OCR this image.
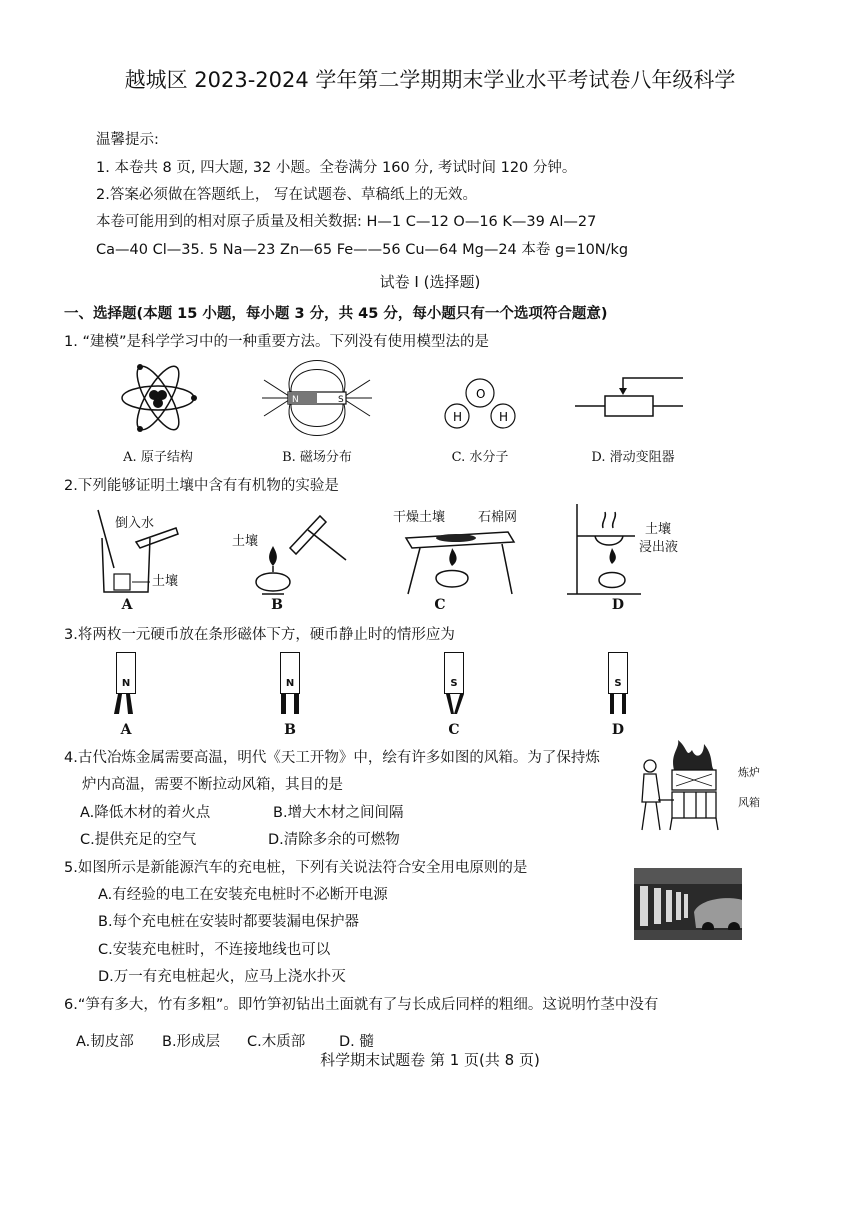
越城区 2023-2024 学年第二学期期末学业水平考试卷八年级科学
温馨提示:
1. 本卷共 8 页, 四大题, 32 小题。全卷满分 160 分, 考试时间 120 分钟。
2.答案必须做在答题纸上， 写在试题卷、草稿纸上的无效。
本卷可能用到的相对原子质量及相关数据: H—1 C—12 O—16 K—39 Al—27
Ca—40 Cl—35. 5 Na—23 Zn—65 Fe——56 Cu—64 Mg—24 本卷 g=10N/kg
试卷 Ⅰ (选择题)
一、选择题(本题 15 小题，每小题 3 分，共 45 分，每小题只有一个选项符合题意)
1. “建模”是科学学习中的一种重要方法。下列没有使用模型法的是
A. 原子结构
N	S
B. 磁场分布
O
H	H
C. 水分子	D. 滑动变阻器
2.下列能够证明土壤中含有有机物的实验是
倒入水
土壤
A
土壤
B
干燥土壤	石棉网
C
土壤
浸出液
D
3.将两枚一元硬币放在条形磁体下方，硬币静止时的情形应为
N
A
N
B
S
C
S
D
4.古代冶炼金属需要高温，明代《天工开物》中，绘有许多如图的风箱。为了保持炼
炉内高温，需要不断拉动风箱，其目的是
A.降低木材的着火点	B.增大木材之间间隔
C.提供充足的空气	D.清除多余的可燃物
炼炉
风箱
5.如图所示是新能源汽车的充电桩，下列有关说法符合安全用电原则的是
A.有经验的电工在安装充电桩时不必断开电源
B.每个充电桩在安装时都要装漏电保护器
C.安装充电桩时，不连接地线也可以
D.万一有充电桩起火，应马上浇水扑灭
6.“笋有多大，竹有多粗”。即竹笋初钻出土面就有了与长成后同样的粗细。这说明竹茎中没有
A.韧皮部 B.形成层 C.木质部 D. 髓
科学期末试题卷 第 1 页(共 8 页)
